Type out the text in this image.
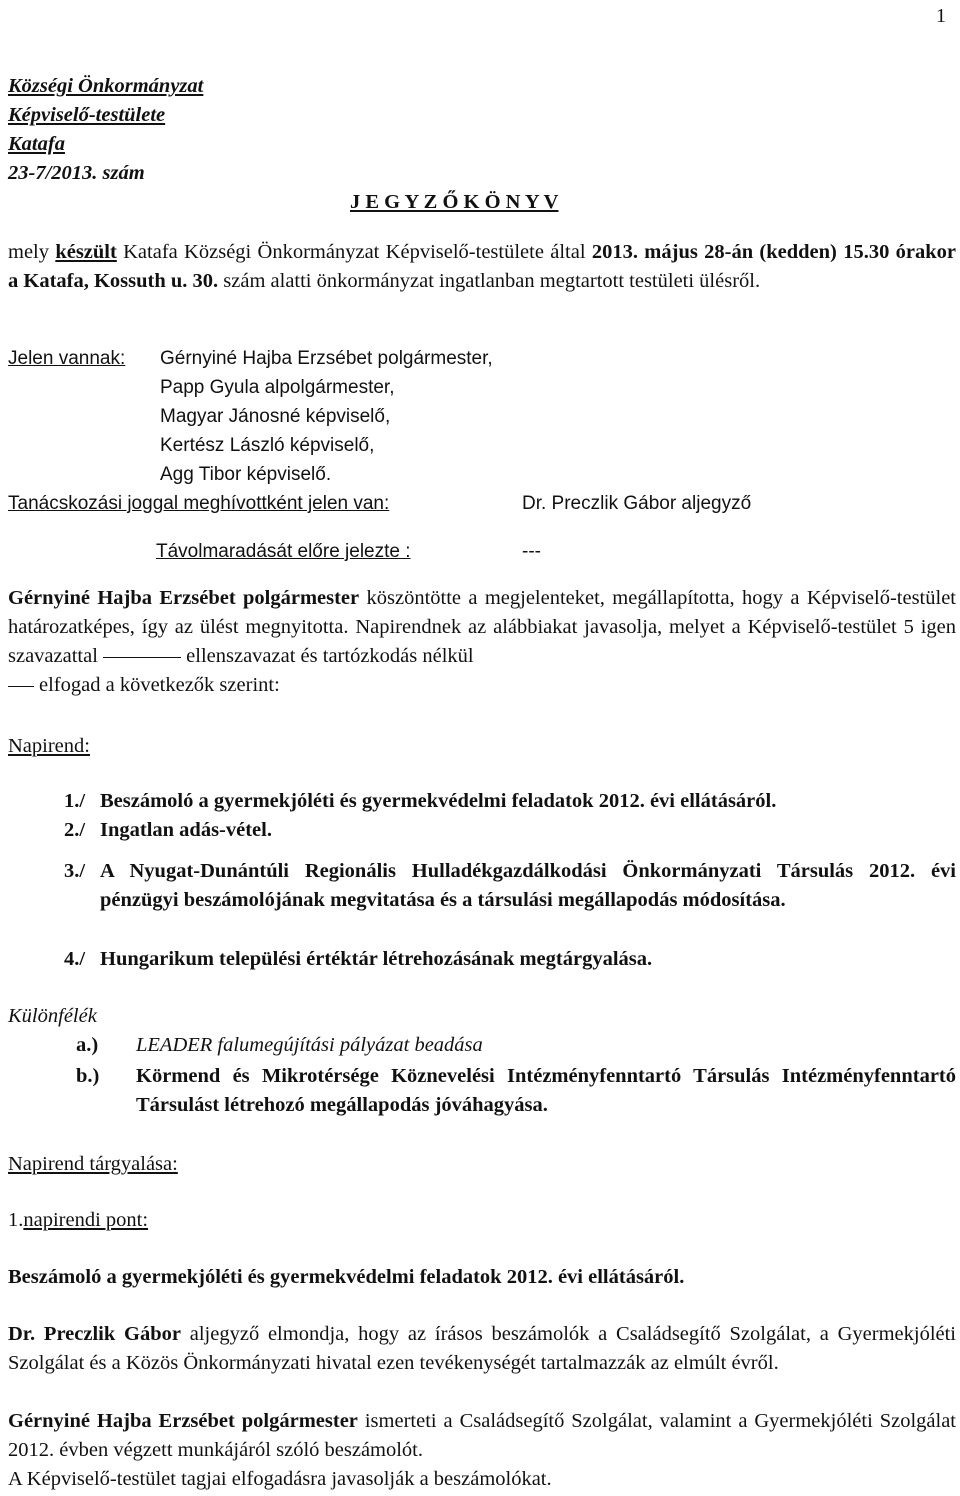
1
Községi Önkormányzat
Képviselő-testülete
Katafa
23-7/2013. szám
J E G Y Z Ő K Ö N Y V
mely készült Katafa Községi Önkormányzat Képviselő-testülete által 2013. május 28-án (kedden) 15.30 órakor a Katafa, Kossuth u. 30. szám alatti önkormányzat ingatlanban megtartott testületi ülésről.
Jelen vannak: Gérnyiné Hajba Erzsébet polgármester,
Papp Gyula alpolgármester,
Magyar Jánosné képviselő,
Kertész László képviselő,
Agg Tibor képviselő.
Tanácskozási joggal meghívottként jelen van:	Dr. Preczlik Gábor aljegyző
Távolmaradását előre jelezte :	---
Gérnyiné Hajba Erzsébet polgármester köszöntötte a megjelenteket, megállapította, hogy a Képviselő-testület határozatképes, így az ülést megnyitotta. Napirendnek az alábbiakat javasolja, melyet a Képviselő-testület 5 igen szavazattal	ellenszavazat és tartózkodás nélkül
elfogad a következők szerint:
Napirend:
1./ Beszámoló a gyermekjóléti és gyermekvédelmi feladatok 2012. évi ellátásáról.
2./ Ingatlan adás-vétel.
3./ A Nyugat-Dunántúli Regionális Hulladékgazdálkodási Önkormányzati Társulás 2012. évi pénzügyi beszámolójának megvitatása és a társulási megállapodás módosítása.
4./ Hungarikum települési értéktár létrehozásának megtárgyalása.
Különfélék
a.) LEADER falumegújítási pályázat beadása
b.) Körmend és Mikrotérsége Köznevelési Intézményfenntartó Társulás Intézményfenntartó Társulást létrehozó megállapodás jóváhagyása.
Napirend tárgyalása:
1.napirendi pont:
Beszámoló a gyermekjóléti és gyermekvédelmi feladatok 2012. évi ellátásáról.
Dr. Preczlik Gábor aljegyző elmondja, hogy az írásos beszámolók a Családsegítő Szolgálat, a Gyermekjóléti Szolgálat és a Közös Önkormányzati hivatal ezen tevékenységét tartalmazzák az elmúlt évről.
Gérnyiné Hajba Erzsébet polgármester ismerteti a Családsegítő Szolgálat, valamint a Gyermekjóléti Szolgálat 2012. évben végzett munkájáról szóló beszámolót.
A Képviselő-testület tagjai elfogadásra javasolják a beszámolókat.
